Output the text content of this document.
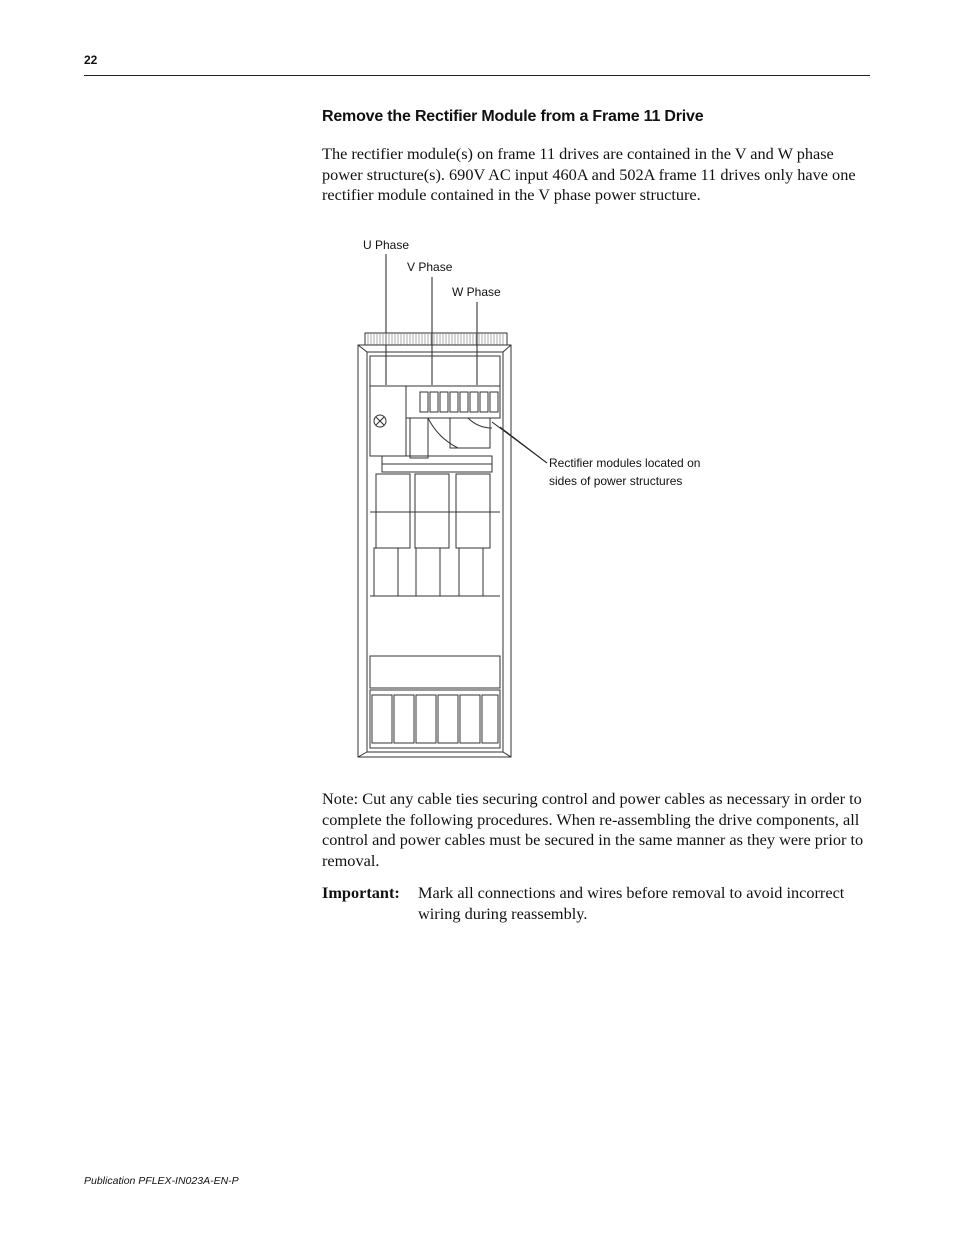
22
Remove the Rectifier Module from a Frame 11 Drive
The rectifier module(s) on frame 11 drives are contained in the V and W phase power structure(s). 690V AC input 460A and 502A frame 11 drives only have one rectifier module contained in the V phase power structure.
U Phase
V Phase
W Phase
Rectifier modules located on
sides of power structures
Note: Cut any cable ties securing control and power cables as necessary in order to complete the following procedures. When re-assembling the drive components, all control and power cables must be secured in the same manner as they were prior to removal.
Important: Mark all connections and wires before removal to avoid incorrect wiring during reassembly.
Publication PFLEX-IN023A-EN-P
